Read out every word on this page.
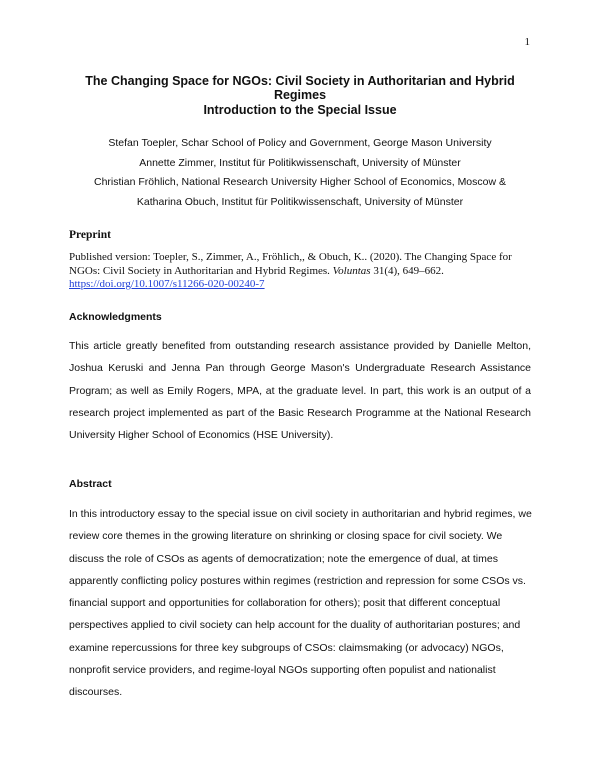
1
The Changing Space for NGOs: Civil Society in Authoritarian and Hybrid Regimes
Introduction to the Special Issue
Stefan Toepler, Schar School of Policy and Government, George Mason University
Annette Zimmer, Institut für Politikwissenschaft, University of Münster
Christian Fröhlich, National Research University Higher School of Economics, Moscow &
Katharina Obuch, Institut für Politikwissenschaft, University of Münster
Preprint
Published version: Toepler, S., Zimmer, A., Fröhlich,, & Obuch, K.. (2020). The Changing Space for NGOs: Civil Society in Authoritarian and Hybrid Regimes. Voluntas 31(4), 649–662.
https://doi.org/10.1007/s11266-020-00240-7
Acknowledgments
This article greatly benefited from outstanding research assistance provided by Danielle Melton, Joshua Keruski and Jenna Pan through George Mason's Undergraduate Research Assistance Program; as well as Emily Rogers, MPA, at the graduate level. In part, this work is an output of a research project implemented as part of the Basic Research Programme at the National Research University Higher School of Economics (HSE University).
Abstract
In this introductory essay to the special issue on civil society in authoritarian and hybrid regimes, we review core themes in the growing literature on shrinking or closing space for civil society. We discuss the role of CSOs as agents of democratization; note the emergence of dual, at times apparently conflicting policy postures within regimes (restriction and repression for some CSOs vs. financial support and opportunities for collaboration for others); posit that different conceptual perspectives applied to civil society can help account for the duality of authoritarian postures; and examine repercussions for three key subgroups of CSOs: claimsmaking (or advocacy) NGOs, nonprofit service providers, and regime-loyal NGOs supporting often populist and nationalist discourses.
